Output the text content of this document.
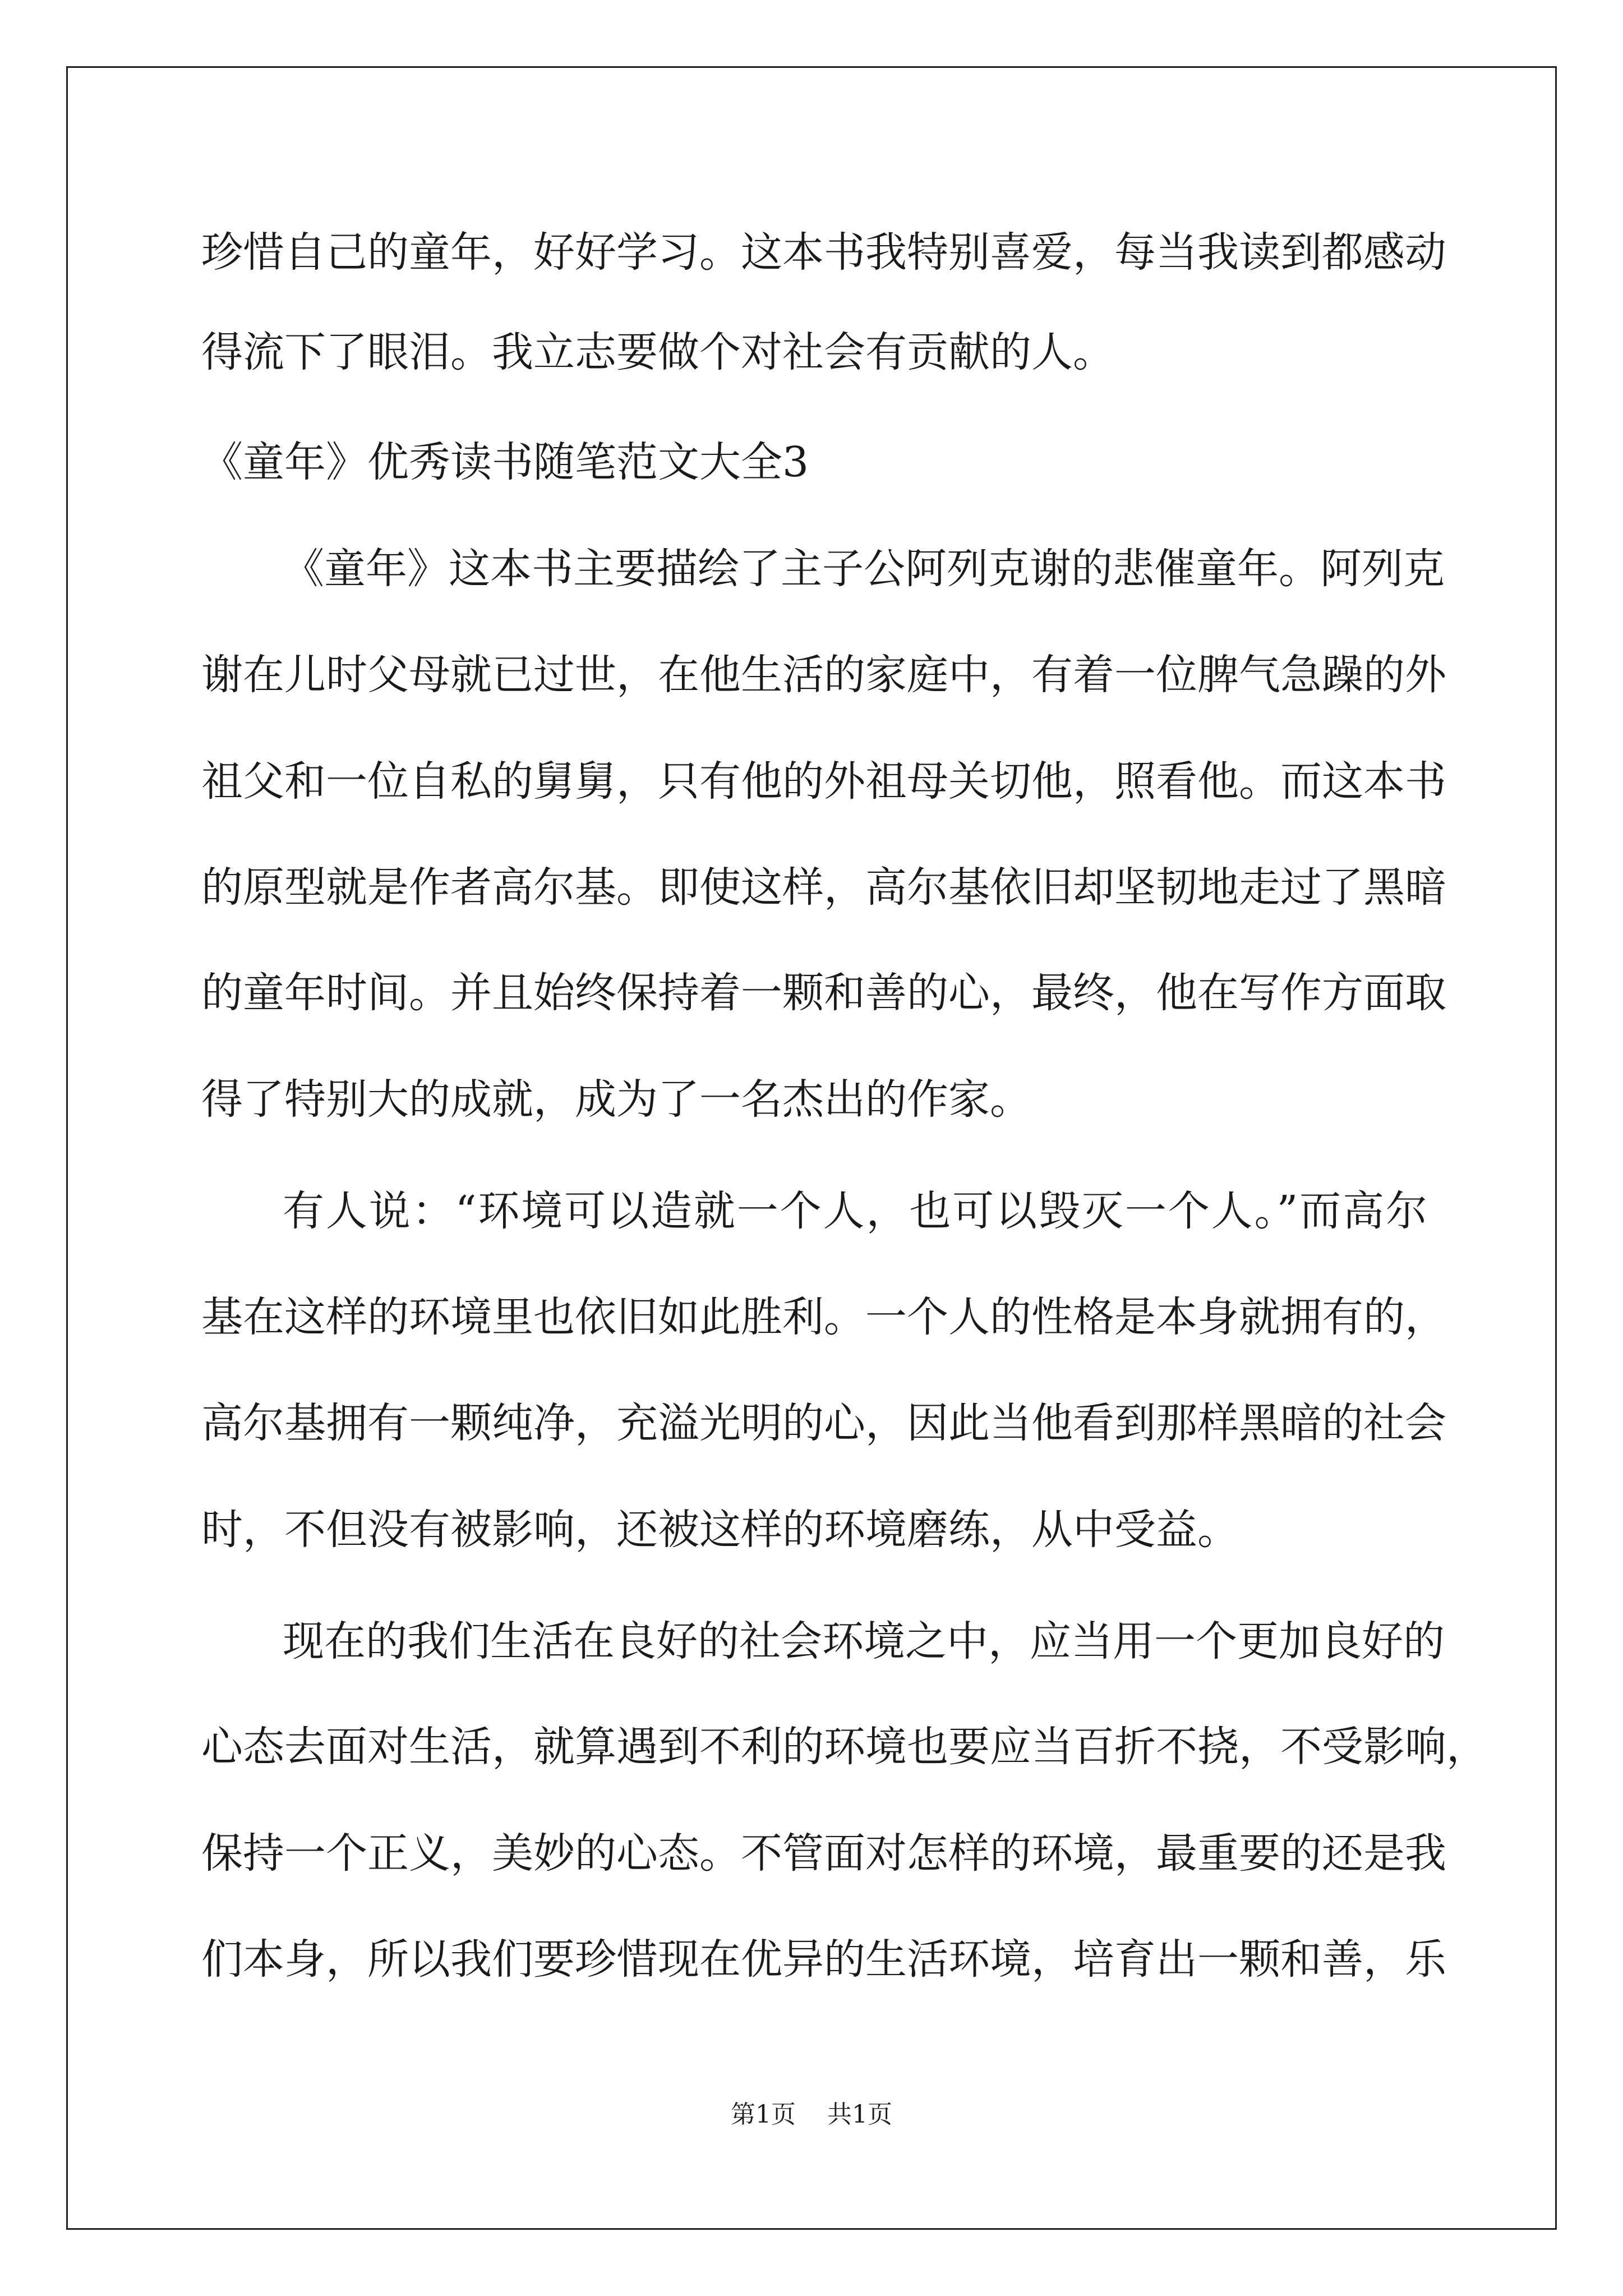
珍惜自己的童年，好好学习。这本书我特别喜爱，每当我读到都感动

得流下了眼泪。我立志要做个对社会有贡献的人。

《童年》优秀读书随笔范文大全3

《童年》这本书主要描绘了主子公阿列克谢的悲催童年。阿列克

谢在儿时父母就已过世，在他生活的家庭中，有着一位脾气急躁的外

祖父和一位自私的舅舅，只有他的外祖母关切他，照看他。而这本书

的原型就是作者高尔基。即使这样，高尔基依旧却坚韧地走过了黑暗

的童年时间。并且始终保持着一颗和善的心，最终，他在写作方面取

得了特别大的成就，成为了一名杰出的作家。

有人说：“环境可以造就一个人，也可以毁灭一个人。”而高尔

基在这样的环境里也依旧如此胜利。一个人的性格是本身就拥有的，

高尔基拥有一颗纯净，充溢光明的心，因此当他看到那样黑暗的社会

时，不但没有被影响，还被这样的环境磨练，从中受益。

现在的我们生活在良好的社会环境之中，应当用一个更加良好的

心态去面对生活，就算遇到不利的环境也要应当百折不挠，不受影响，

保持一个正义，美妙的心态。不管面对怎样的环境，最重要的还是我

们本身，所以我们要珍惜现在优异的生活环境，培育出一颗和善，乐

第1页 共1页
